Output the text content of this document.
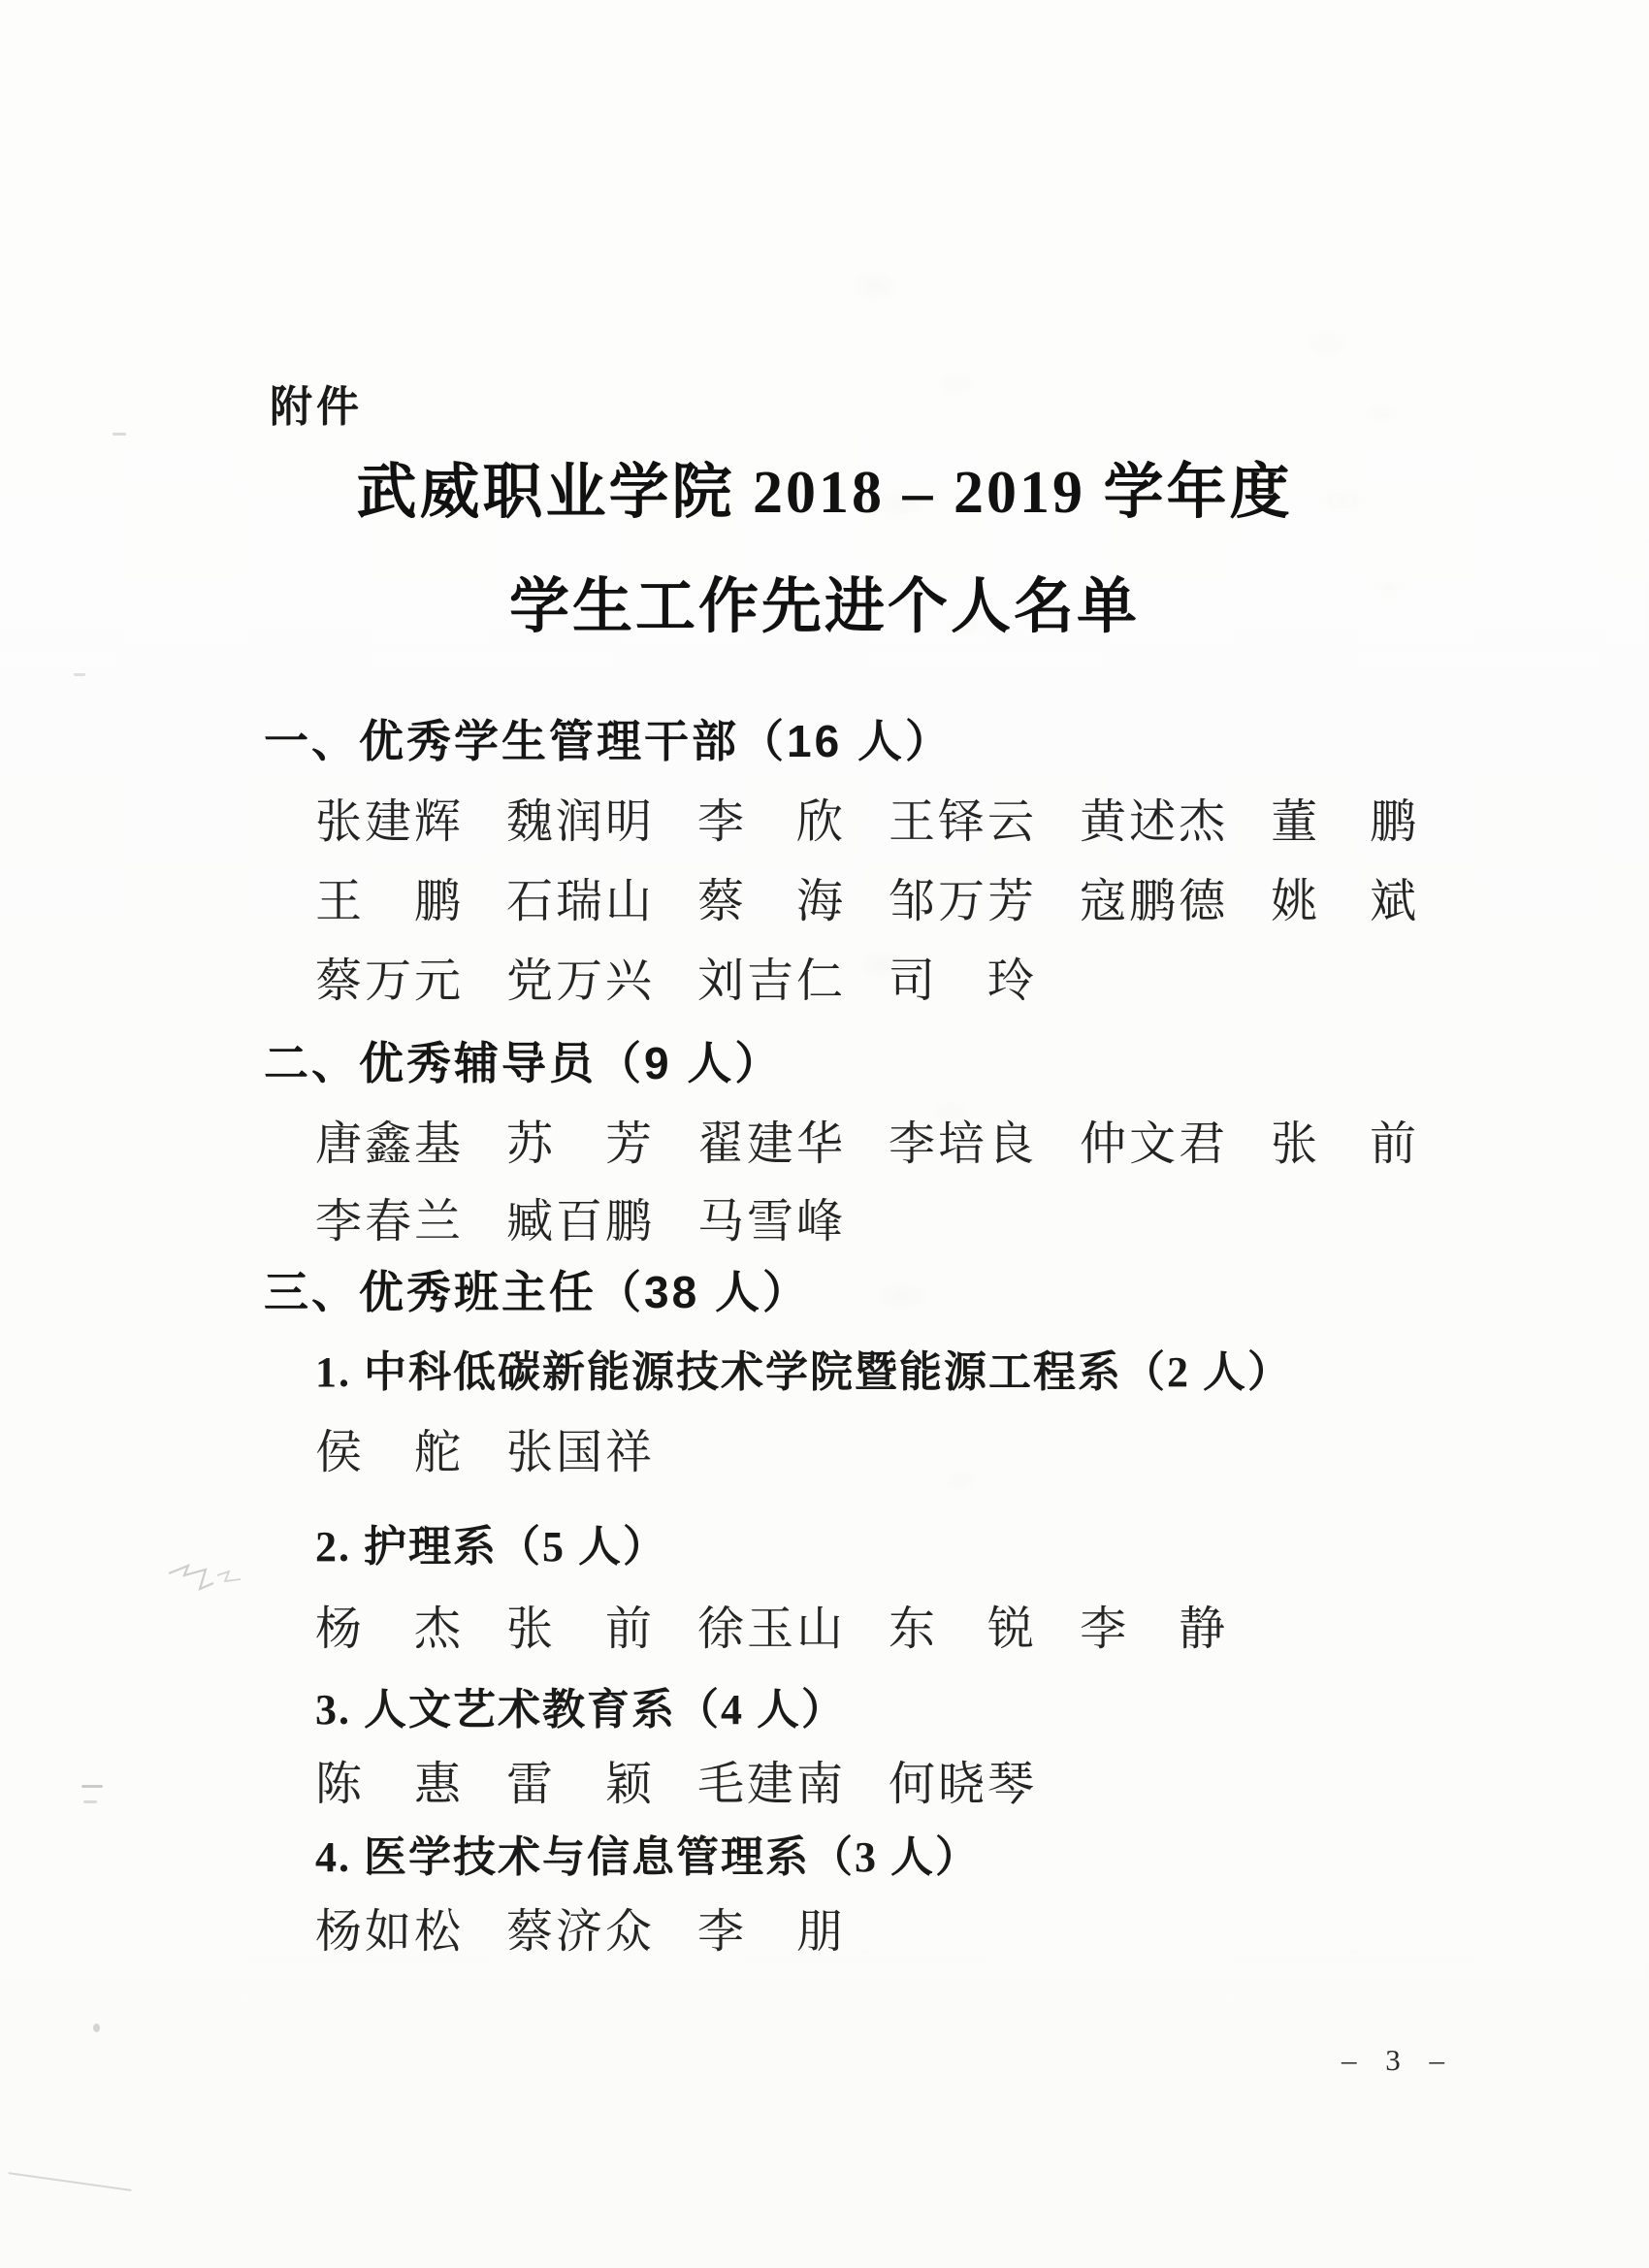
附件
武威职业学院 2018 – 2019 学年度
学生工作先进个人名单
一、优秀学生管理干部（16 人）
张建辉 魏润明 李　欣 王铎云 黄述杰 董　鹏
王　鹏 石瑞山 蔡　海 邹万芳 寇鹏德 姚　斌
蔡万元 党万兴 刘吉仁 司　玲
二、优秀辅导员（9 人）
唐鑫基 苏　芳 翟建华 李培良 仲文君 张　前
李春兰 臧百鹏 马雪峰
三、优秀班主任（38 人）
1. 中科低碳新能源技术学院暨能源工程系（2 人）
侯　舵 张国祥
2. 护理系（5 人）
杨　杰 张　前 徐玉山 东　锐 李　静
3. 人文艺术教育系（4 人）
陈　惠 雷　颖 毛建南 何晓琴
4. 医学技术与信息管理系（3 人）
杨如松 蔡济众 李　朋
– 3 –
